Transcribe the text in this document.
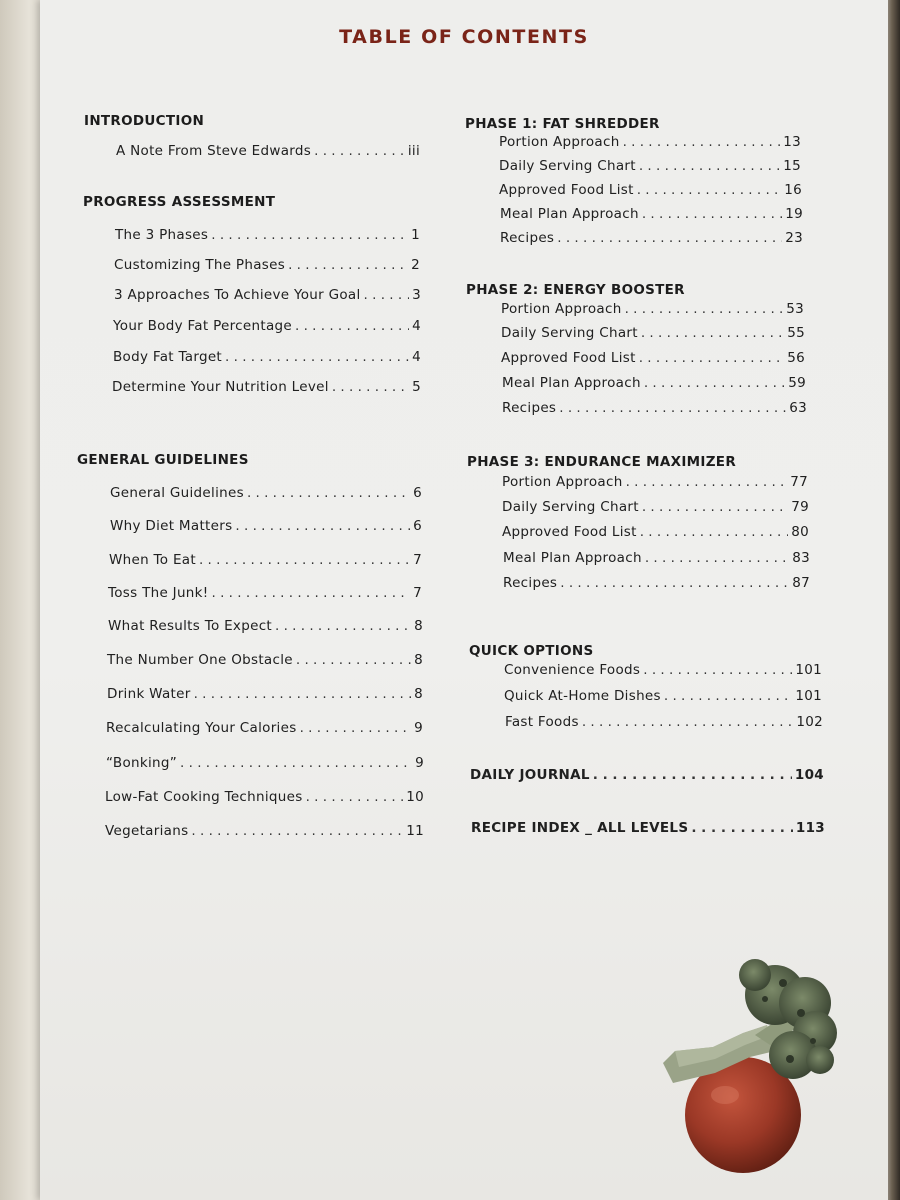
TABLE OF CONTENTS
INTRODUCTION
A Note From Steve Edwards . . .	iii
PROGRESS ASSESSMENT
The 3 Phases . . .	1
Customizing The Phases . . .	2
3 Approaches To Achieve Your Goal . . .	3
Your Body Fat Percentage . . .	4
Body Fat Target . . .	4
Determine Your Nutrition Level . . .	5
GENERAL GUIDELINES
General Guidelines . . .	6
Why Diet Matters . . .	6
When To Eat . . .	7
Toss The Junk! . . .	7
What Results To Expect . . .	8
The Number One Obstacle . . .	8
Drink Water . . .	8
Recalculating Your Calories . . .	9
“Bonking” . . .	9
Low-Fat Cooking Techniques . . .	10
Vegetarians . . .	11
PHASE 1: FAT SHREDDER
Portion Approach . . .	13
Daily Serving Chart . . .	15
Approved Food List . . .	16
Meal Plan Approach . . .	19
Recipes . . .	23
PHASE 2: ENERGY BOOSTER
Portion Approach . . .	53
Daily Serving Chart . . .	55
Approved Food List . . .	56
Meal Plan Approach . . .	59
Recipes . . .	63
PHASE 3: ENDURANCE MAXIMIZER
Portion Approach . . .	77
Daily Serving Chart . . .	79
Approved Food List . . .	80
Meal Plan Approach . . .	83
Recipes . . .	87
QUICK OPTIONS
Convenience Foods . . .	101
Quick At-Home Dishes . . .	101
Fast Foods . . .	102
DAILY JOURNAL . . .	104
RECIPE INDEX _ ALL LEVELS . . .	113
